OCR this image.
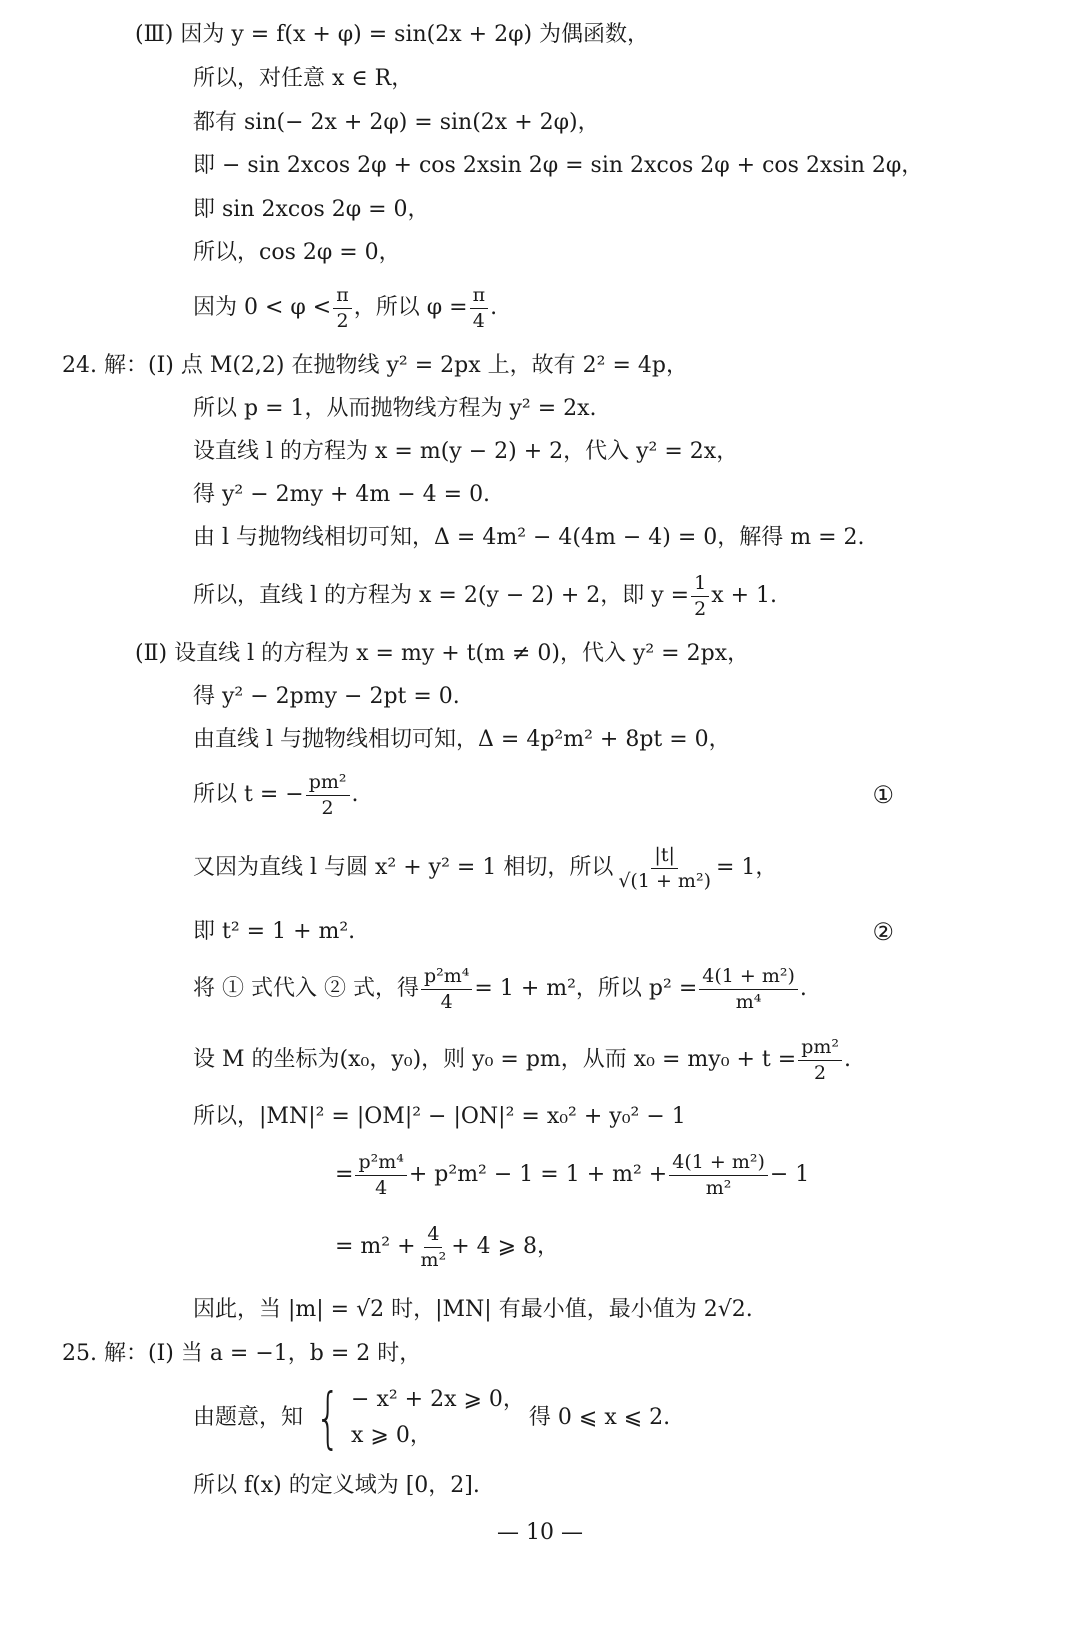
(Ⅲ) 因为 y = f(x + φ) = sin(2x + 2φ) 为偶函数，
所以，对任意 x ∈ R，
都有 sin(− 2x + 2φ) = sin(2x + 2φ)，
即 − sin 2xcos 2φ + cos 2xsin 2φ = sin 2xcos 2φ + cos 2xsin 2φ，
即 sin 2xcos 2φ = 0，
所以，cos 2φ = 0，
因为 $0 < \varphi < \frac{\pi}{2}$ ，所以 $\varphi = \frac{\pi}{4}$ .
24. 解：(Ⅰ) 点 M(2,2) 在抛物线 y² = 2px 上，故有 2² = 4p，
所以 p = 1，从而抛物线方程为 y² = 2x.
设直线 l 的方程为 x = m(y − 2) + 2，代入 y² = 2x，
得 y² − 2my + 4m − 4 = 0.
由 l 与抛物线相切可知，Δ = 4m² − 4(4m − 4) = 0，解得 m = 2.
所以，直线 l 的方程为 x = 2(y − 2) + 2，即 $y = \frac{1}{2}$ x + 1.
(Ⅱ) 设直线 l 的方程为 x = my + t(m ≠ 0)，代入 y² = 2px，
得 y² − 2pmy − 2pt = 0.
由直线 l 与抛物线相切可知，Δ = 4p²m² + 8pt = 0，
所以 t = − $\frac{\text{pm²}}{2}$ .	①
又因为直线 l 与圆 x² + y² = 1 相切，所以 $\frac{|t|}{\text{√(1 + m²)}} = 1$，
即 t² = 1 + m².	②
将 ① 式代入 ② 式，得 $\frac{\text{p²m⁴}}{4} = 1 + m^2$，所以 $p^2 = \frac{\text{4(1 + m²)}}{\text{m⁴}}$ .
设 M 的坐标为(x₀，y₀)，则 y₀ = pm，从而 $x_0 = my_0 + t = \frac{\text{pm²}}{2}$ .
所以，|MN|² = |OM|² − |ON|² = x₀² + y₀² − 1
= $\frac{\text{p²m⁴}}{4} + p^2m^2 - 1 = 1 + m^2 + \frac{\text{4(1 + m²)}}{\text{m²}} - 1$
= $m^2 + \frac{4}{\text{m²}} + 4$ ⩾ 8，
因此，当 |m| = √2 时，|MN| 有最小值，最小值为 2√2.
25. 解：(Ⅰ) 当 a = −1，b = 2 时，
由题意，知 { − x² + 2x ⩾ 0，
x ⩾ 0，
得 0 ⩽ x ⩽ 2.
所以 f(x) 的定义域为 [0，2].
— 10 —
